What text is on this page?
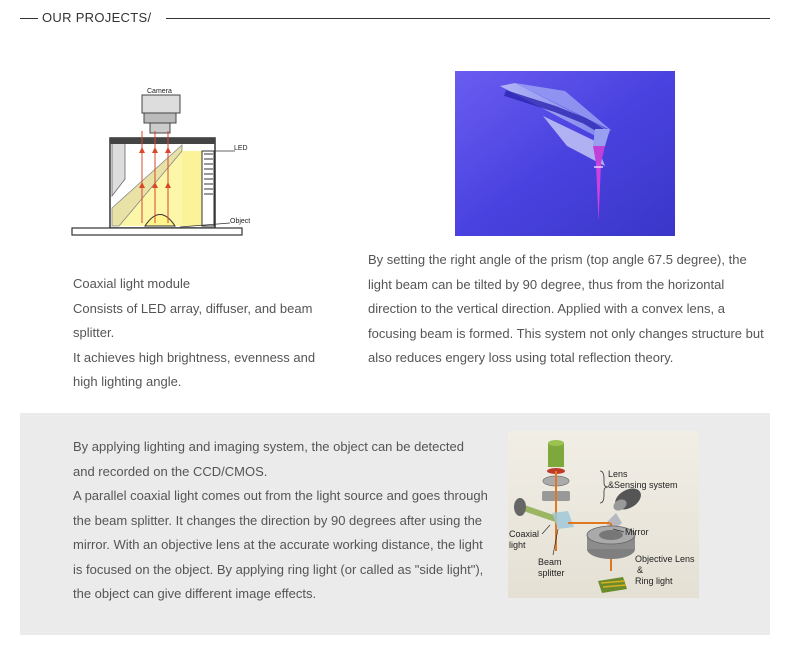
OUR PROJECTS/
Camera
LED
Object

Coaxial light module

Consists of LED array, diffuser, and beam splitter.

It achieves high brightness, evenness and high lighting angle.

By setting the right angle of the prism (top angle 67.5 degree), the light beam can be tilted by 90 degree, thus from the horizontal direction to the vertical direction. Applied with a convex lens, a focusing beam is formed. This system not only changes structure but also reduces engery loss using total reflection theory.

By applying lighting and imaging system, the object can be detected and recorded on the CCD/CMOS.

A parallel coaxial light comes out from the light source and goes through the beam splitter. It changes the direction by 90 degrees after using the mirror. With an objective lens at the accurate working distance, the light is focused on the object. By applying ring light (or called as "side light"), the object can give different image effects.

Lens
&Sensing system
Coaxial
light
Mirror
Beam
splitter
Objective Lens
&
Ring light
